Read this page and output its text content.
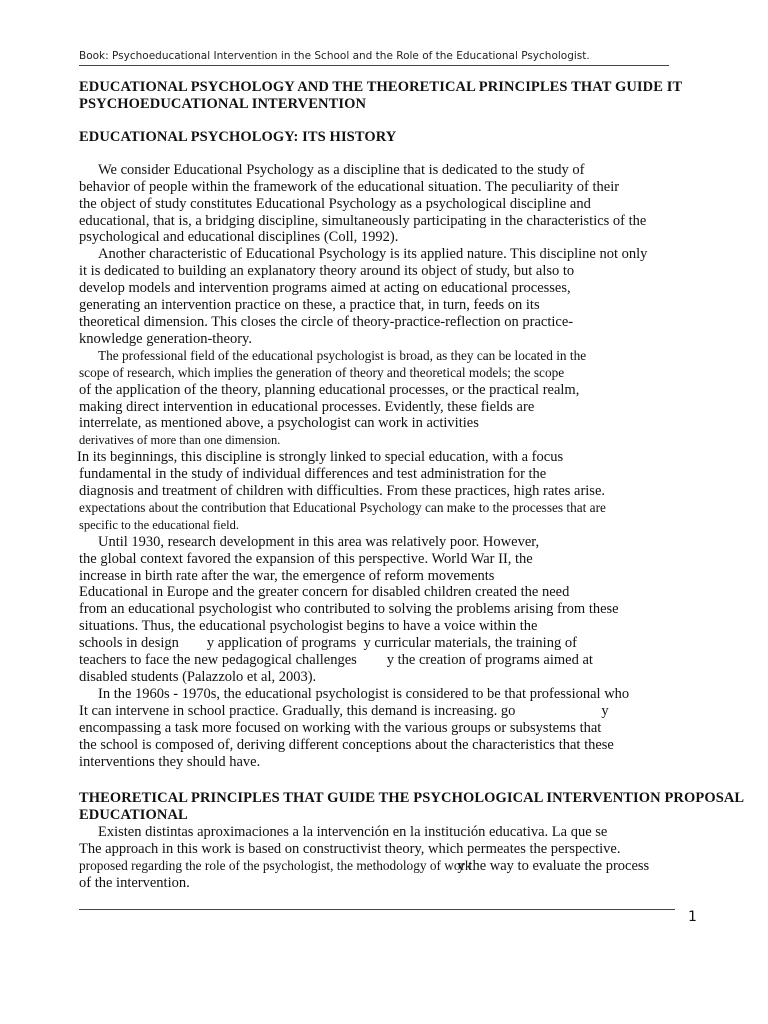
Book: Psychoeducational Intervention in the School and the Role of the Educational Psychologist.
EDUCATIONAL PSYCHOLOGY AND THE THEORETICAL PRINCIPLES THAT GUIDE IT
PSYCHOEDUCATIONAL INTERVENTION
EDUCATIONAL PSYCHOLOGY: ITS HISTORY
We consider Educational Psychology as a discipline that is dedicated to the study of
behavior of people within the framework of the educational situation. The peculiarity of their
the object of study constitutes Educational Psychology as a psychological discipline and
educational, that is, a bridging discipline, simultaneously participating in the characteristics of the
psychological and educational disciplines (Coll, 1992).
Another characteristic of Educational Psychology is its applied nature. This discipline not only
it is dedicated to building an explanatory theory around its object of study, but also to
develop models and intervention programs aimed at acting on educational processes,
generating an intervention practice on these, a practice that, in turn, feeds on its
theoretical dimension. This closes the circle of theory-practice-reflection on practice-
knowledge generation-theory.
The professional field of the educational psychologist is broad, as they can be located in the
scope of research, which implies the generation of theory and theoretical models; the scope
of the application of the theory, planning educational processes, or the practical realm,
making direct intervention in educational processes. Evidently, these fields are
interrelate, as mentioned above, a psychologist can work in activities
derivatives of more than one dimension.
In its beginnings, this discipline is strongly linked to special education, with a focus
fundamental in the study of individual differences and test administration for the
diagnosis and treatment of children with difficulties. From these practices, high rates arise.
expectations about the contribution that Educational Psychology can make to the processes that are
specific to the educational field.
Until 1930, research development in this area was relatively poor. However,
the global context favored the expansion of this perspective. World War II, the
increase in birth rate after the war, the emergence of reform movements
Educational in Europe and the greater concern for disabled children created the need
from an educational psychologist who contributed to solving the problems arising from these
situations. Thus, the educational psychologist begins to have a voice within the
schools in design y application of programs y curricular materials, the training of
teachers to face the new pedagogical challenges y the creation of programs aimed at
disabled students (Palazzolo et al, 2003).
In the 1960s - 1970s, the educational psychologist is considered to be that professional who
It can intervene in school practice. Gradually, this demand is increasing. go	y
encompassing a task more focused on working with the various groups or subsystems that
the school is composed of, deriving different conceptions about the characteristics that these
interventions they should have.
THEORETICAL PRINCIPLES THAT GUIDE THE PSYCHOLOGICAL INTERVENTION PROPOSAL
EDUCATIONAL
Existen distintas aproximaciones a la intervención en la institución educativa. La que se
The approach in this work is based on constructivist theory, which permeates the perspective.
proposed regarding the role of the psychologist, the methodology of worky the way to evaluate the process
of the intervention.
1
